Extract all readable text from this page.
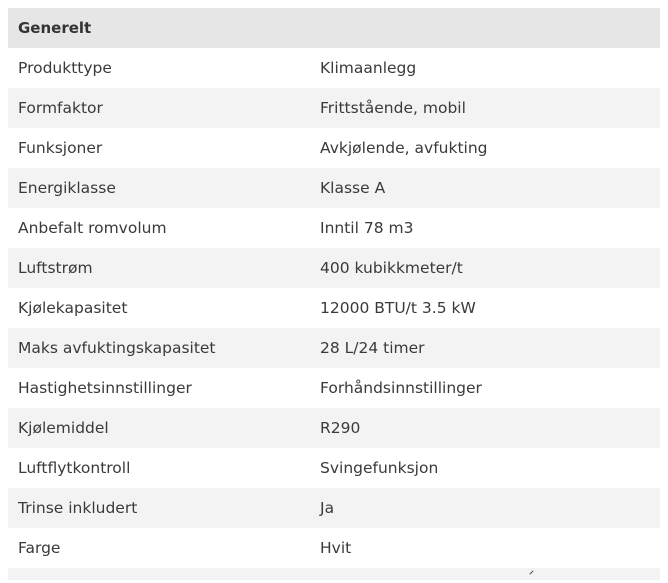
Generelt
Produkttype	Klimaanlegg
Formfaktor	Frittstående, mobil
Funksjoner	Avkjølende, avfukting
Energiklasse	Klasse A
Anbefalt romvolum	Inntil 78 m3
Luftstrøm	400 kubikkmeter/t
Kjølekapasitet	12000 BTU/t 3.5 kW
Maks avfuktingskapasitet	28 L/24 timer
Hastighetsinnstillinger	Forhåndsinnstillinger
Kjølemiddel	R290
Luftflytkontroll	Svingefunksjon
Trinse inkludert	Ja
Farge	Hvit
